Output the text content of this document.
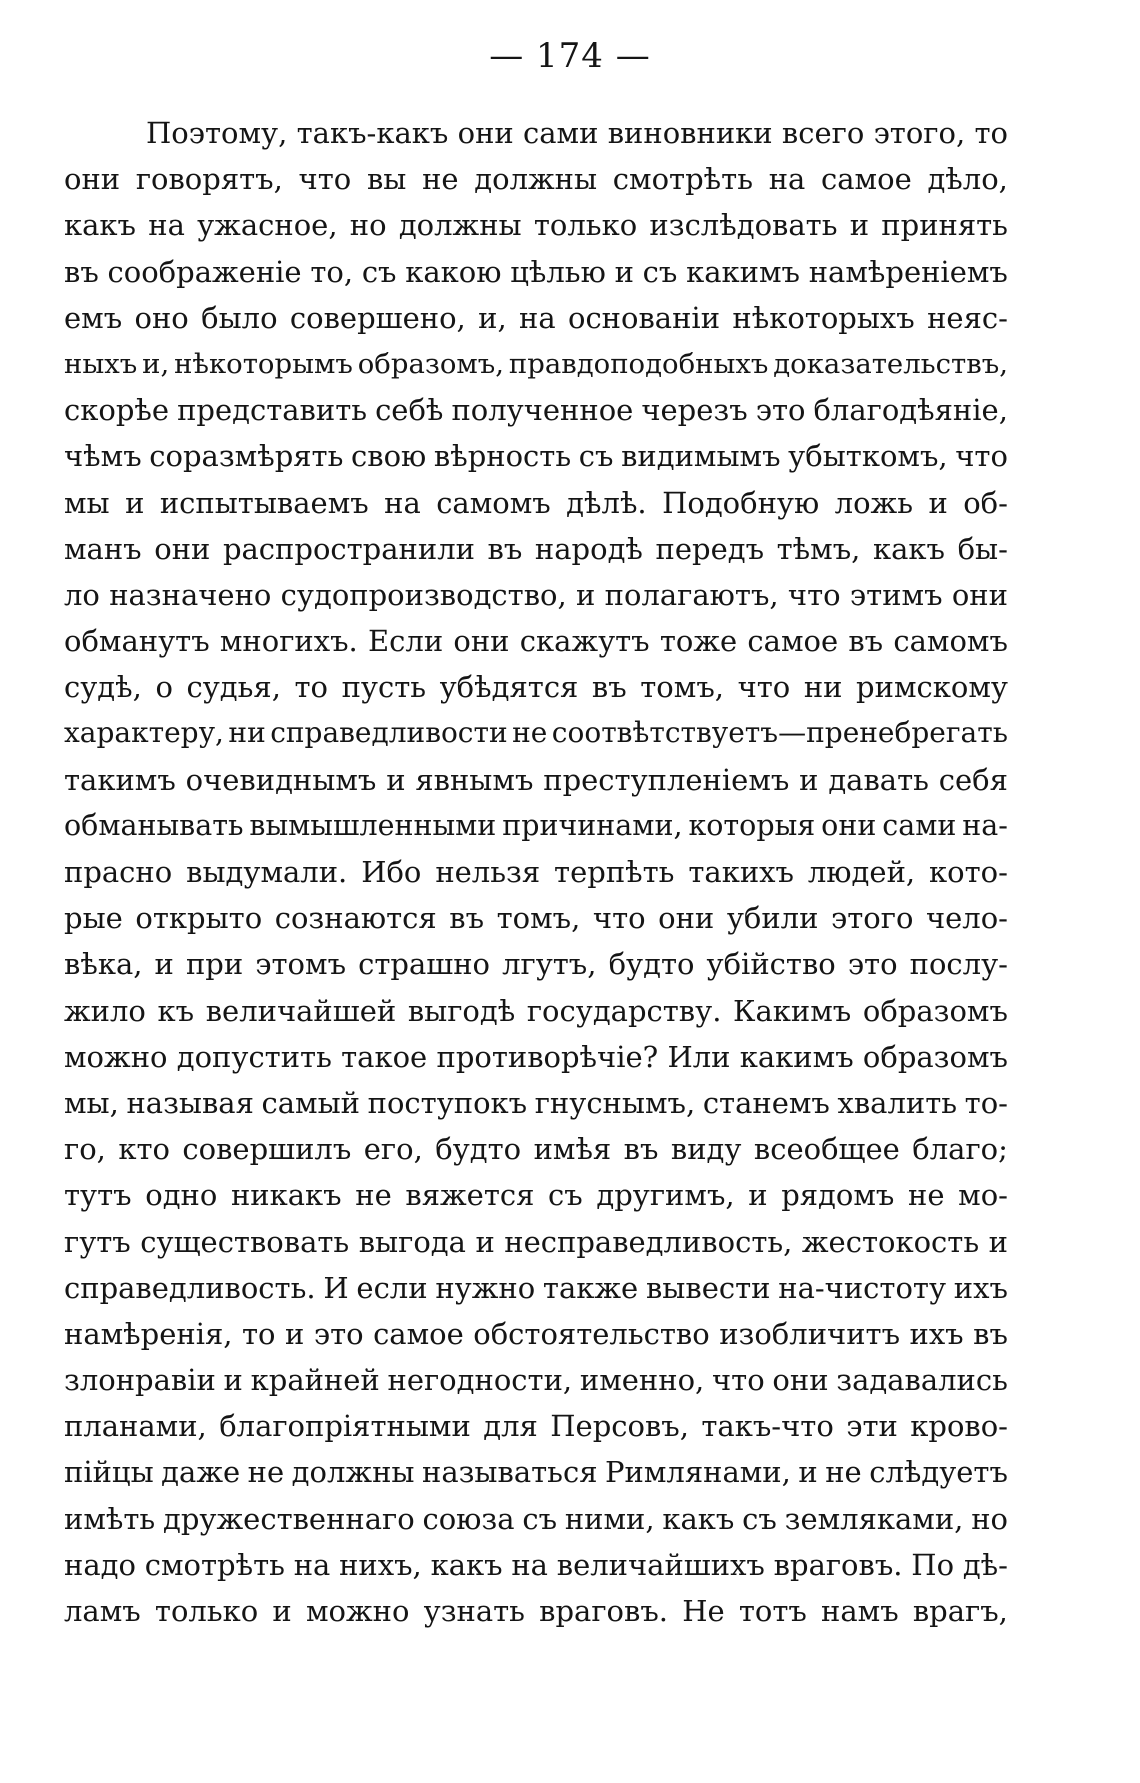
— 174 —
Поэтому, такъ-какъ они сами виновники всего этого, то
они говорятъ, что вы не должны смотрѣть на самое дѣло,
какъ на ужасное, но должны только изслѣдовать и принять
въ соображеніе то, съ какою цѣлью и съ какимъ намѣреніемъ
емъ оно было совершено, и, на основаніи нѣкоторыхъ неяс-
ныхъ и, нѣкоторымъ образомъ, правдоподобныхъ доказательствъ,
скорѣе представить себѣ полученное черезъ это благодѣяніе,
чѣмъ соразмѣрять свою вѣрность съ видимымъ убыткомъ, что
мы и испытываемъ на самомъ дѣлѣ. Подобную ложь и об-
манъ они распространили въ народѣ передъ тѣмъ, какъ бы-
ло назначено судопроизводство, и полагаютъ, что этимъ они
обманутъ многихъ. Если они скажутъ тоже самое въ самомъ
судѣ, о судья, то пусть убѣдятся въ томъ, что ни римскому
характеру, ни справедливости не соотвѣтствуетъ—пренебрегать
такимъ очевиднымъ и явнымъ преступленіемъ и давать себя
обманывать вымышленными причинами, которыя они сами на-
прасно выдумали. Ибо нельзя терпѣть такихъ людей, кото-
рые открыто сознаются въ томъ, что они убили этого чело-
вѣка, и при этомъ страшно лгутъ, будто убійство это послу-
жило къ величайшей выгодѣ государству. Какимъ образомъ
можно допустить такое противорѣчіе? Или какимъ образомъ
мы, называя самый поступокъ гнуснымъ, станемъ хвалить то-
го, кто совершилъ его, будто имѣя въ виду всеобщее благо;
тутъ одно никакъ не вяжется съ другимъ, и рядомъ не мо-
гутъ существовать выгода и несправедливость, жестокость и
справедливость. И если нужно также вывести на-чистоту ихъ
намѣренія, то и это самое обстоятельство изобличитъ ихъ въ
злонравіи и крайней негодности, именно, что они задавались
планами, благопріятными для Персовъ, такъ-что эти крово-
пійцы даже не должны называться Римлянами, и не слѣдуетъ
имѣть дружественнаго союза съ ними, какъ съ земляками, но
надо смотрѣть на нихъ, какъ на величайшихъ враговъ. По дѣ-
ламъ только и можно узнать враговъ. Не тотъ намъ врагъ,
